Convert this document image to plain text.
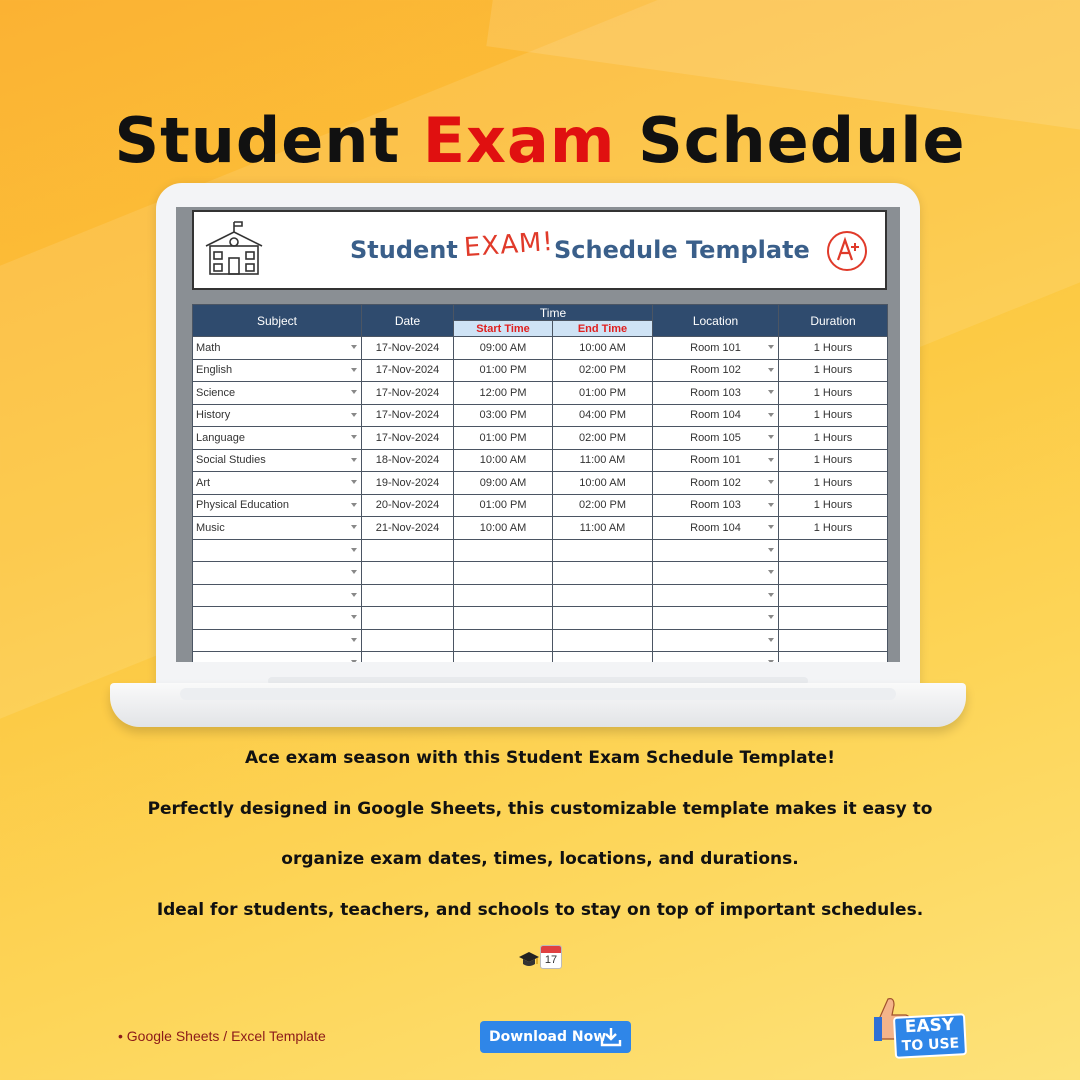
Student Exam Schedule
Student EXAM! Schedule Template
Subject	Date	Time		Location	Duration
		Start Time	End Time		
Math	17-Nov-2024	09:00 AM	10:00 AM	Room 101	1 Hours
English	17-Nov-2024	01:00 PM	02:00 PM	Room 102	1 Hours
Science	17-Nov-2024	12:00 PM	01:00 PM	Room 103	1 Hours
History	17-Nov-2024	03:00 PM	04:00 PM	Room 104	1 Hours
Language	17-Nov-2024	01:00 PM	02:00 PM	Room 105	1 Hours
Social Studies	18-Nov-2024	10:00 AM	11:00 AM	Room 101	1 Hours
Art	19-Nov-2024	09:00 AM	10:00 AM	Room 102	1 Hours
Physical Education	20-Nov-2024	01:00 PM	02:00 PM	Room 103	1 Hours
Music	21-Nov-2024	10:00 AM	11:00 AM	Room 104	1 Hours

Ace exam season with this Student Exam Schedule Template!
Perfectly designed in Google Sheets, this customizable template makes it easy to
organize exam dates, times, locations, and durations.
Ideal for students, teachers, and schools to stay on top of important schedules.
17
• Google Sheets / Excel Template	Download Now	EASY
TO USE
